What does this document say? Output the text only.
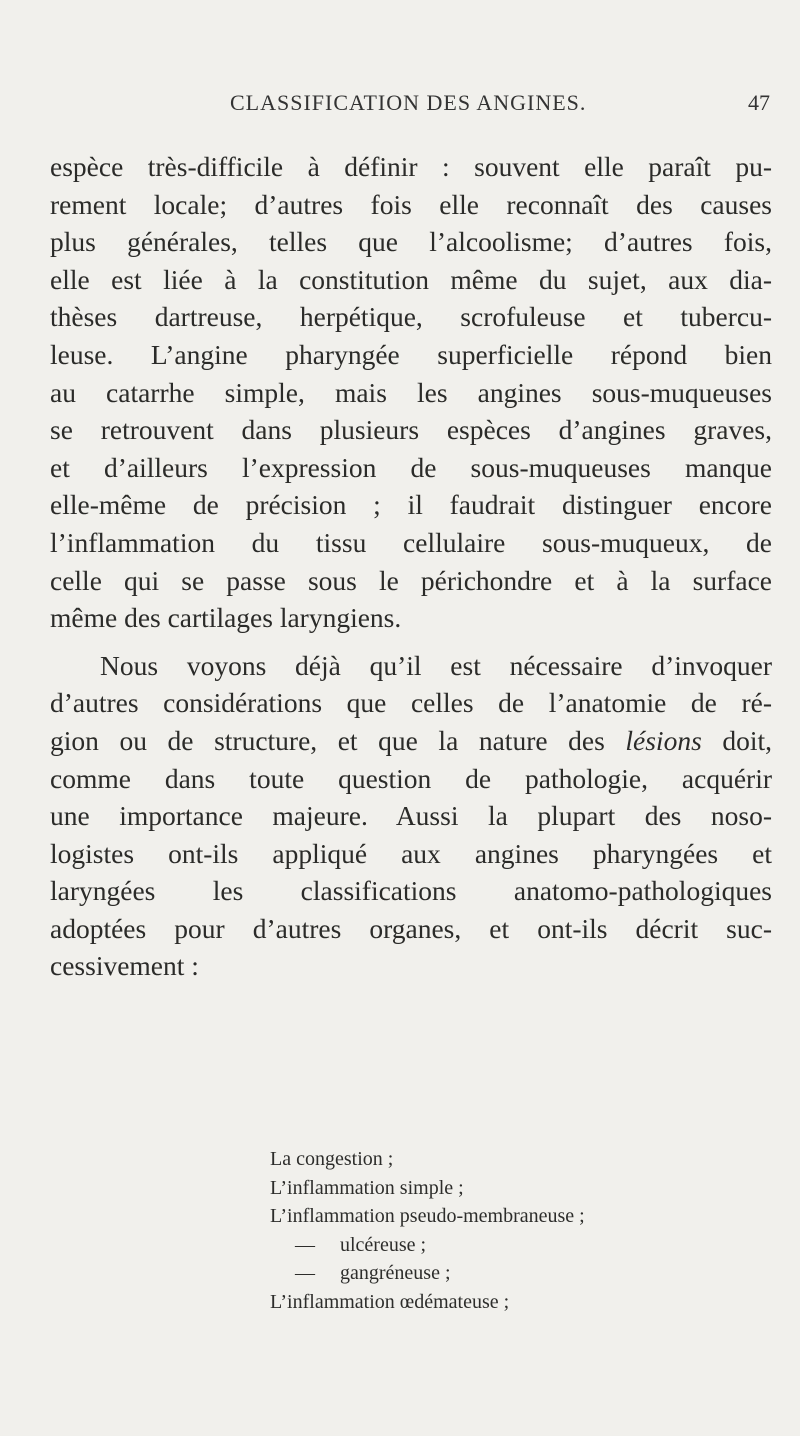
CLASSIFICATION DES ANGINES.	47

espèce très-difficile à définir : souvent elle paraît pu-
rement locale; d’autres fois elle reconnaît des causes
plus générales, telles que l’alcoolisme; d’autres fois,
elle est liée à la constitution même du sujet, aux dia-
thèses dartreuse, herpétique, scrofuleuse et tubercu-
leuse. L’angine pharyngée superficielle répond bien
au catarrhe simple, mais les angines sous-muqueuses
se retrouvent dans plusieurs espèces d’angines graves,
et d’ailleurs l’expression de sous-muqueuses manque
elle-même de précision ; il faudrait distinguer encore
l’inflammation du tissu cellulaire sous-muqueux, de
celle qui se passe sous le périchondre et à la surface
même des cartilages laryngiens.

Nous voyons déjà qu’il est nécessaire d’invoquer
d’autres considérations que celles de l’anatomie de ré-
gion ou de structure, et que la nature des lésions doit,
comme dans toute question de pathologie, acquérir
une importance majeure. Aussi la plupart des noso-
logistes ont-ils appliqué aux angines pharyngées et
laryngées les classifications anatomo-pathologiques
adoptées pour d’autres organes, et ont-ils décrit suc-
cessivement :

La congestion ;
L’inflammation simple ;
L’inflammation pseudo-membraneuse ;
— ulcéreuse ;
— gangréneuse ;
L’inflammation œdémateuse ;
